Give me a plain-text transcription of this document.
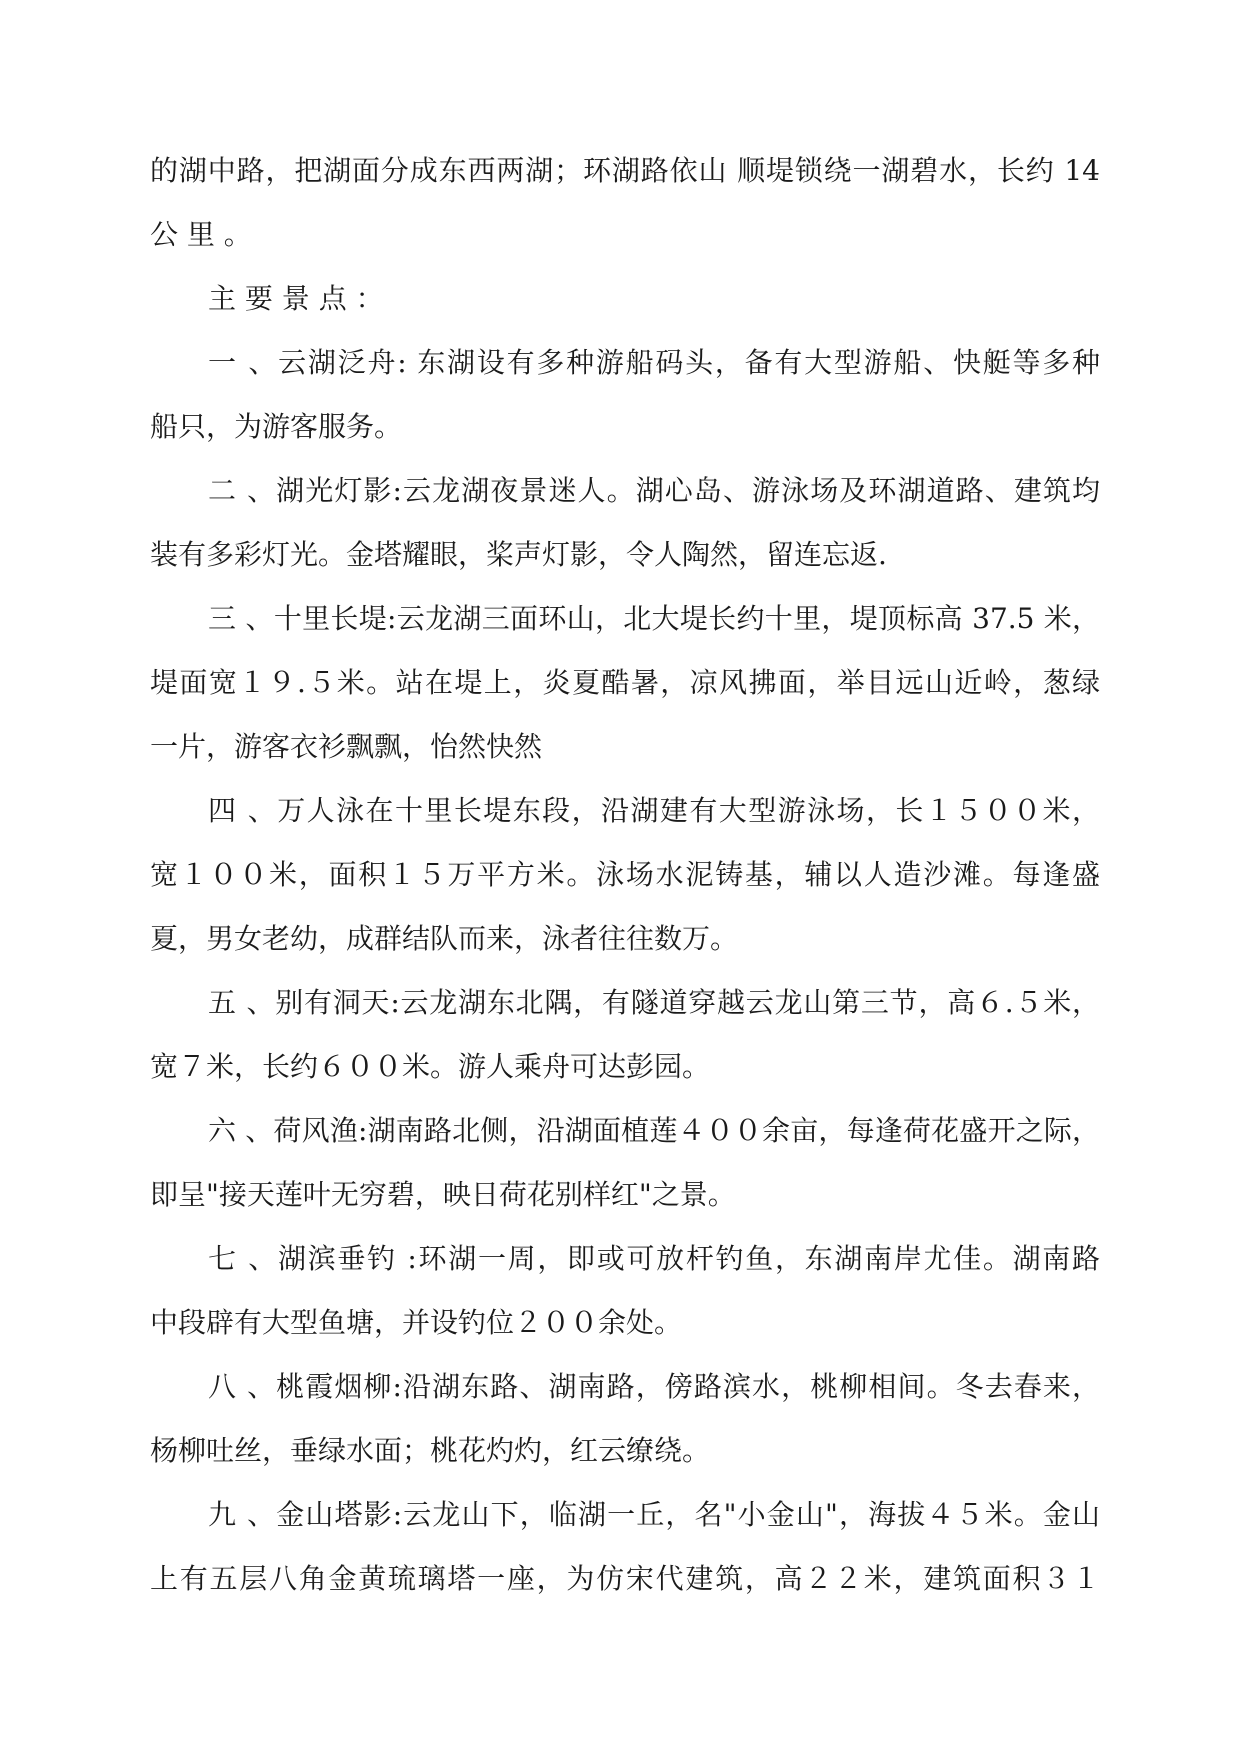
的湖中路，把湖面分成东西两湖；环湖路依山 顺堤锁绕一湖碧水，长约 14
公 里 。
主 要 景 点 ：
一 、云湖泛舟: 东湖设有多种游船码头，备有大型游船、快艇等多种
船只，为游客服务。
二 、湖光灯影:云龙湖夜景迷人。湖心岛、游泳场及环湖道路、建筑均
装有多彩灯光。金塔耀眼，桨声灯影，令人陶然，留连忘返.
三 、十里长堤:云龙湖三面环山，北大堤长约十里，堤顶标高 37.5 米，
堤面宽１９.５米。站在堤上，炎夏酷暑，凉风拂面，举目远山近岭，葱绿
一片，游客衣衫飘飘，怡然快然
四 、万人泳在十里长堤东段，沿湖建有大型游泳场，长１５００米，
宽１００米，面积１５万平方米。泳场水泥铸基，辅以人造沙滩。每逢盛
夏，男女老幼，成群结队而来，泳者往往数万。
五 、别有洞天:云龙湖东北隅，有隧道穿越云龙山第三节，高６.５米，
宽７米，长约６００米。游人乘舟可达彭园。
六 、荷风渔:湖南路北侧，沿湖面植莲４００余亩，每逢荷花盛开之际，
即呈"接天莲叶无穷碧，映日荷花别样红"之景。
七 、湖滨垂钓 :环湖一周，即或可放杆钓鱼，东湖南岸尤佳。湖南路
中段辟有大型鱼塘，并设钓位２００余处。
八 、桃霞烟柳:沿湖东路、湖南路，傍路滨水，桃柳相间。冬去春来，
杨柳吐丝，垂绿水面；桃花灼灼，红云缭绕。
九 、金山塔影:云龙山下，临湖一丘，名"小金山"，海拔４５米。金山
上有五层八角金黄琉璃塔一座，为仿宋代建筑，高２２米，建筑面积３１
